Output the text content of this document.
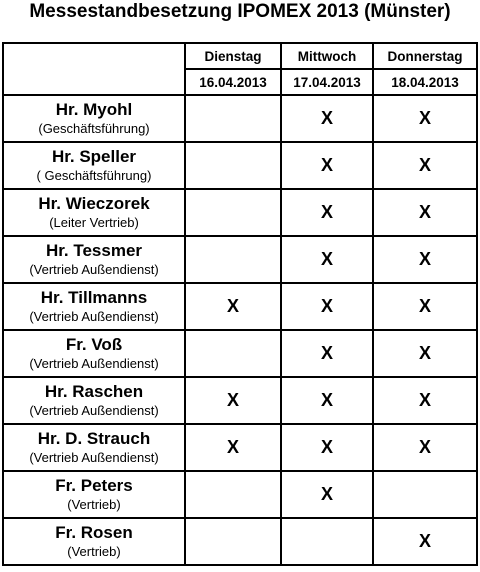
Messestandbesetzung IPOMEX 2013 (Münster)
	Dienstag	Mittwoch	Donnerstag
	16.04.2013	17.04.2013	18.04.2013

Hr. Myohl
(Geschäftsführung)		X	X

Hr. Speller
( Geschäftsführung)		X	X

Hr. Wieczorek
(Leiter Vertrieb)		X	X

Hr. Tessmer
(Vertrieb Außendienst)		X	X

Hr. Tillmanns
(Vertrieb Außendienst)	X	X	X

Fr. Voß
(Vertrieb Außendienst)		X	X

Hr. Raschen
(Vertrieb Außendienst)	X	X	X

Hr. D. Strauch
(Vertrieb Außendienst)	X	X	X

Fr. Peters
(Vertrieb)		X	

Fr. Rosen
(Vertrieb)			X
